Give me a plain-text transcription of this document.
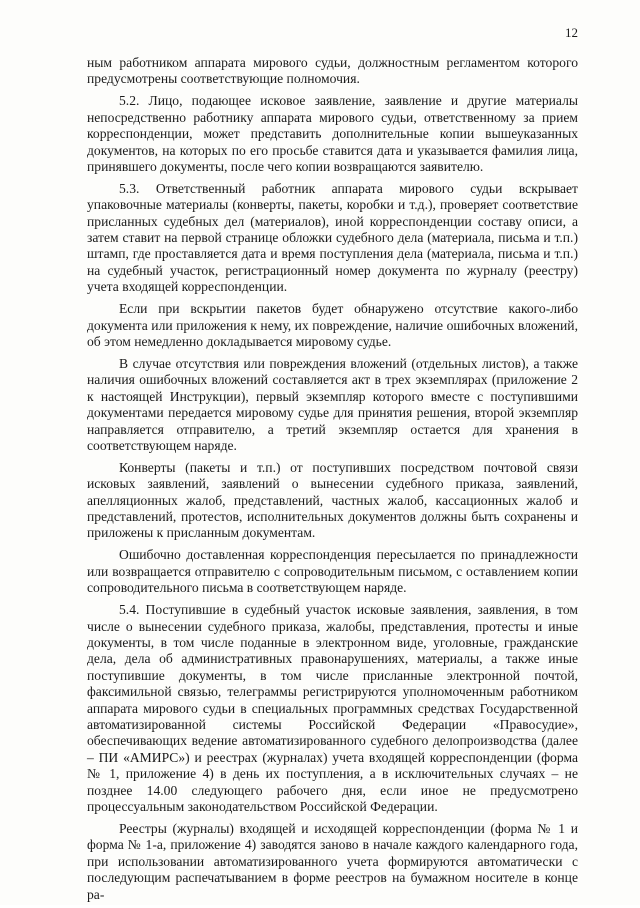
12

ным работником аппарата мирового судьи, должностным регламентом которого предусмотрены соответствующие полномочия.

5.2. Лицо, подающее исковое заявление, заявление и другие материалы непосредственно работнику аппарата мирового судьи, ответственному за прием корреспонденции, может представить дополнительные копии вышеуказанных документов, на которых по его просьбе ставится дата и указывается фамилия лица, принявшего документы, после чего копии возвращаются заявителю.

5.3. Ответственный работник аппарата мирового судьи вскрывает упаковочные материалы (конверты, пакеты, коробки и т.д.), проверяет соответствие присланных судебных дел (материалов), иной корреспонденции составу описи, а затем ставит на первой странице обложки судебного дела (материала, письма и т.п.) штамп, где проставляется дата и время поступления дела (материала, письма и т.п.) на судебный участок, регистрационный номер документа по журналу (реестру) учета входящей корреспонденции.

Если при вскрытии пакетов будет обнаружено отсутствие какого-либо документа или приложения к нему, их повреждение, наличие ошибочных вложений, об этом немедленно докладывается мировому судье.

В случае отсутствия или повреждения вложений (отдельных листов), а также наличия ошибочных вложений составляется акт в трех экземплярах (приложение 2 к настоящей Инструкции), первый экземпляр которого вместе с поступившими документами передается мировому судье для принятия решения, второй экземпляр направляется отправителю, а третий экземпляр остается для хранения в соответствующем наряде.

Конверты (пакеты и т.п.) от поступивших посредством почтовой связи исковых заявлений, заявлений о вынесении судебного приказа, заявлений, апелляционных жалоб, представлений, частных жалоб, кассационных жалоб и представлений, протестов, исполнительных документов должны быть сохранены и приложены к присланным документам.

Ошибочно доставленная корреспонденция пересылается по принадлежности или возвращается отправителю с сопроводительным письмом, с оставлением копии сопроводительного письма в соответствующем наряде.

5.4. Поступившие в судебный участок исковые заявления, заявления, в том числе о вынесении судебного приказа, жалобы, представления, протесты и иные документы, в том числе поданные в электронном виде, уголовные, гражданские дела, дела об административных правонарушениях, материалы, а также иные поступившие документы, в том числе присланные электронной почтой, факсимильной связью, телеграммы регистрируются уполномоченным работником аппарата мирового судьи в специальных программных средствах Государственной автоматизированной системы Российской Федерации «Правосудие», обеспечивающих ведение автоматизированного судебного делопроизводства (далее – ПИ «АМИРС») и реестрах (журналах) учета входящей корреспонденции (форма № 1, приложение 4) в день их поступления, а в исключительных случаях – не позднее 14.00 следующего рабочего дня, если иное не предусмотрено процессуальным законодательством Российской Федерации.

Реестры (журналы) входящей и исходящей корреспонденции (форма № 1 и форма № 1-а, приложение 4) заводятся заново в начале каждого календарного года, при использовании автоматизированного учета формируются автоматически с последующим распечатыванием в форме реестров на бумажном носителе в конце ра-
